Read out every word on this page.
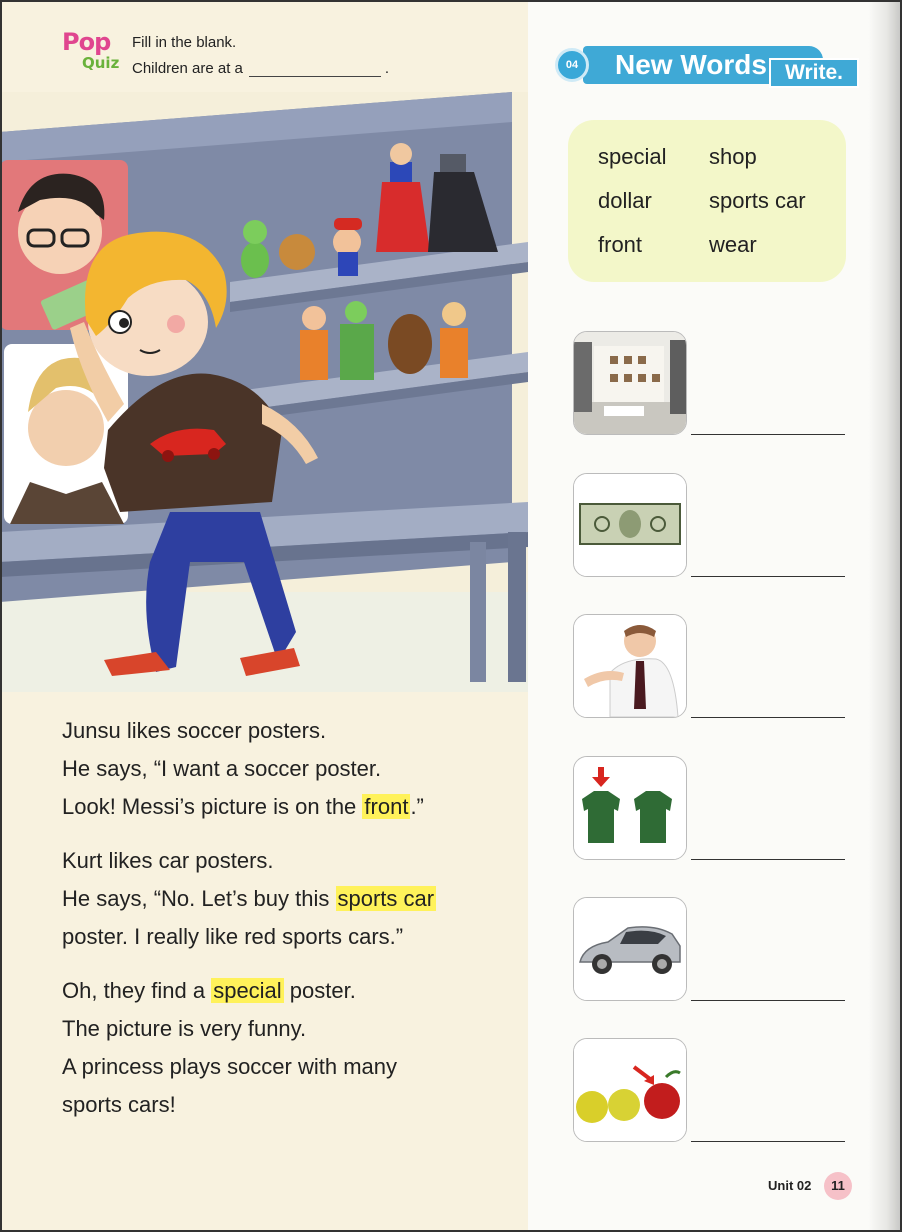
Pop
Quiz
Fill in the blank.
Children are at a	.
Junsu likes soccer posters.
He says, “I want a soccer poster.
Look! Messi’s picture is on the front.”
Kurt likes car posters.
He says, “No. Let’s buy this sports car
poster. I really like red sports cars.”
Oh, they find a special poster.
The picture is very funny.
A princess plays soccer with many
sports cars!
New Words
04	Write.
special shop
dollar	sports car
front	wear
Unit 02	11
